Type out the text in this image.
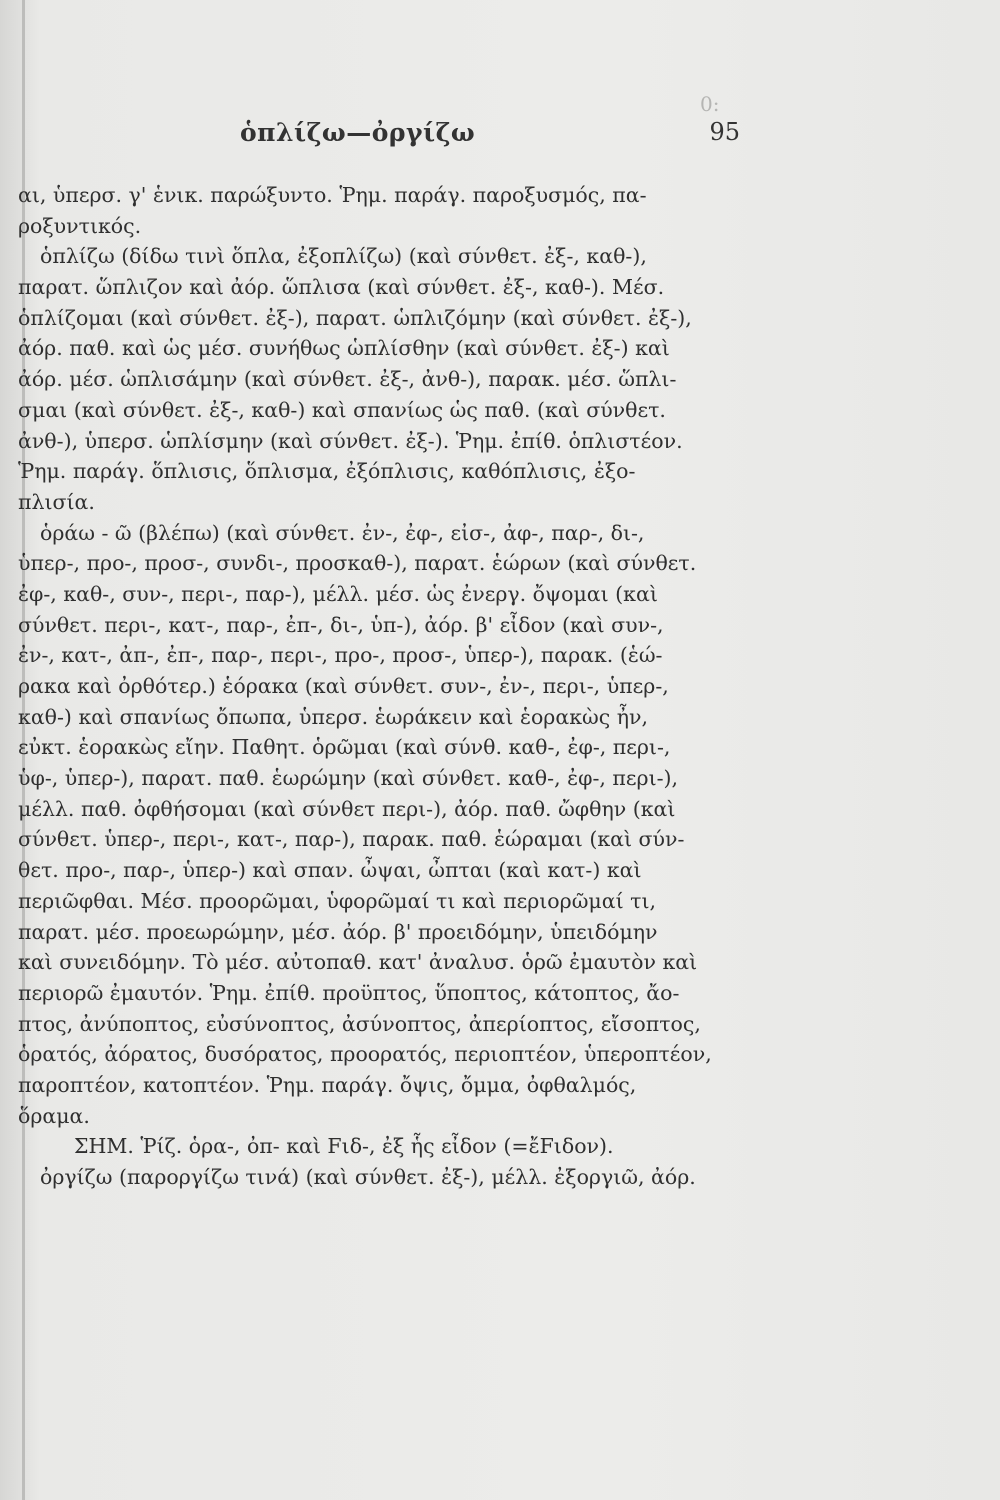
0:
ὁπλίζω—ὀργίζω	95
αι, ὑπερσ. γ' ἑνικ. παρώξυντο. Ῥημ. παράγ. παροξυσμός, πα-
ροξυντικός.
ὁπλίζω (δίδω τινὶ ὅπλα, ἐξοπλίζω) (καὶ σύνθετ. ἐξ-, καθ-),
παρατ. ὥπλιζον καὶ ἀόρ. ὥπλισα (καὶ σύνθετ. ἐξ-, καθ-). Μέσ.
ὁπλίζομαι (καὶ σύνθετ. ἐξ-), παρατ. ὡπλιζόμην (καὶ σύνθετ. ἐξ-),
ἀόρ. παθ. καὶ ὡς μέσ. συνήθως ὡπλίσθην (καὶ σύνθετ. ἐξ-) καὶ
ἀόρ. μέσ. ὡπλισάμην (καὶ σύνθετ. ἐξ-, ἀνθ-), παρακ. μέσ. ὥπλι-
σμαι (καὶ σύνθετ. ἐξ-, καθ-) καὶ σπανίως ὡς παθ. (καὶ σύνθετ.
ἀνθ-), ὑπερσ. ὡπλίσμην (καὶ σύνθετ. ἐξ-). Ῥημ. ἐπίθ. ὁπλιστέον.
Ῥημ. παράγ. ὅπλισις, ὅπλισμα, ἐξόπλισις, καθόπλισις, ἐξο-
πλισία.
ὁράω - ῶ (βλέπω) (καὶ σύνθετ. ἐν-, ἐφ-, εἰσ-, ἀφ-, παρ-, δι-,
ὑπερ-, προ-, προσ-, συνδι-, προσκαθ-), παρατ. ἑώρων (καὶ σύνθετ.
ἐφ-, καθ-, συν-, περι-, παρ-), μέλλ. μέσ. ὡς ἐνεργ. ὄψομαι (καὶ
σύνθετ. περι-, κατ-, παρ-, ἐπ-, δι-, ὑπ-), ἀόρ. β' εἶδον (καὶ συν-,
ἐν-, κατ-, ἀπ-, ἐπ-, παρ-, περι-, προ-, προσ-, ὑπερ-), παρακ. (ἑώ-
ρακα καὶ ὀρθότερ.) ἑόρακα (καὶ σύνθετ. συν-, ἐν-, περι-, ὑπερ-,
καθ-) καὶ σπανίως ὄπωπα, ὑπερσ. ἑωράκειν καὶ ἑορακὼς ἦν,
εὐκτ. ἑορακὼς εἴην. Παθητ. ὁρῶμαι (καὶ σύνθ. καθ-, ἐφ-, περι-,
ὑφ-, ὑπερ-), παρατ. παθ. ἑωρώμην (καὶ σύνθετ. καθ-, ἐφ-, περι-),
μέλλ. παθ. ὀφθήσομαι (καὶ σύνθετ περι-), ἀόρ. παθ. ὤφθην (καὶ
σύνθετ. ὑπερ-, περι-, κατ-, παρ-), παρακ. παθ. ἑώραμαι (καὶ σύν-
θετ. προ-, παρ-, ὑπερ-) καὶ σπαν. ὦψαι, ὦπται (καὶ κατ-) καὶ
περιῶφθαι. Μέσ. προορῶμαι, ὑφορῶμαί τι καὶ περιορῶμαί τι,
παρατ. μέσ. προεωρώμην, μέσ. ἀόρ. β' προειδόμην, ὑπειδόμην
καὶ συνειδόμην. Τὸ μέσ. αὐτοπαθ. κατ' ἀναλυσ. ὁρῶ ἐμαυτὸν καὶ
περιορῶ ἐμαυτόν. Ῥημ. ἐπίθ. προϋπτος, ὕποπτος, κάτοπτος, ἄο-
πτος, ἀνύποπτος, εὐσύνοπτος, ἀσύνοπτος, ἀπερίοπτος, εἴσοπτος,
ὁρατός, ἀόρατος, δυσόρατος, προορατός, περιοπτέον, ὑπεροπτέον,
παροπτέον, κατοπτέον. Ῥημ. παράγ. ὄψις, ὄμμα, ὀφθαλμός,
ὅραμα.
ΣΗΜ. Ῥίζ. ὁρα-, ὀπ- καὶ Fιδ-, ἐξ ἧς εἶδον (=ἔFιδον).
ὀργίζω (παροργίζω τινά) (καὶ σύνθετ. ἐξ-), μέλλ. ἐξοργιῶ, ἀόρ.
